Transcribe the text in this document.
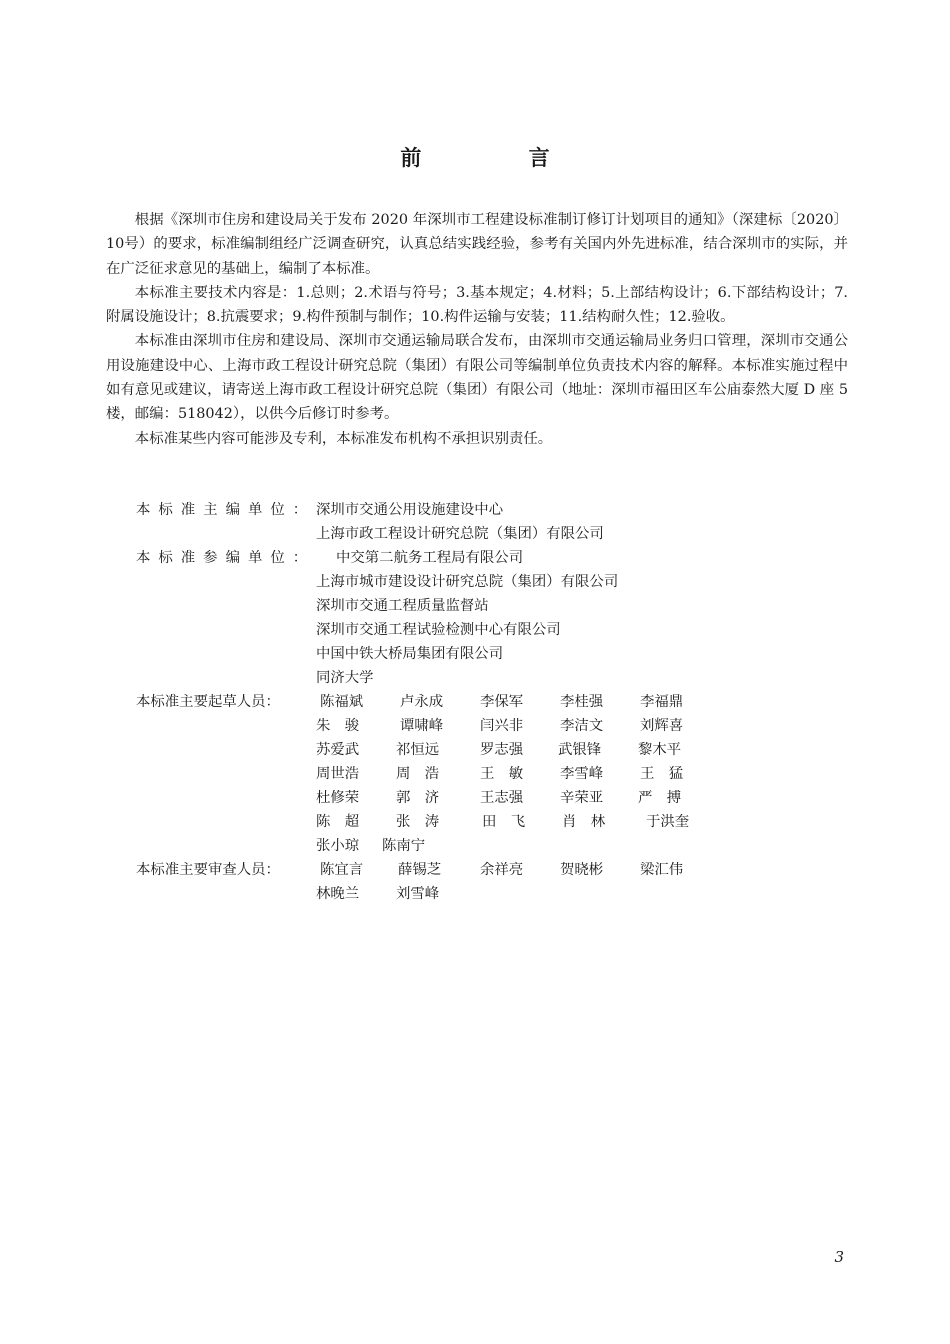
前 言

根据《深圳市住房和建设局关于发布 2020 年深圳市工程建设标准制订修订计划项目的通知》（深建标〔2020〕10号）的要求，标准编制组经广泛调查研究，认真总结实践经验，参考有关国内外先进标准，结合深圳市的实际，并在广泛征求意见的基础上，编制了本标准。

本标准主要技术内容是：1.总则；2.术语与符号；3.基本规定；4.材料；5.上部结构设计；6.下部结构设计；7.附属设施设计；8.抗震要求；9.构件预制与制作；10.构件运输与安装；11.结构耐久性；12.验收。

本标准由深圳市住房和建设局、深圳市交通运输局联合发布，由深圳市交通运输局业务归口管理，深圳市交通公用设施建设中心、上海市政工程设计研究总院（集团）有限公司等编制单位负责技术内容的解释。本标准实施过程中如有意见或建议，请寄送上海市政工程设计研究总院（集团）有限公司（地址：深圳市福田区车公庙泰然大厦 D 座 5 楼，邮编：518042），以供今后修订时参考。

本标准某些内容可能涉及专利，本标准发布机构不承担识别责任。

本标准主编单位： 深圳市交通公用设施建设中心
上海市政工程设计研究总院（集团）有限公司
本标准参编单位： 中交第二航务工程局有限公司
上海市城市建设设计研究总院（集团）有限公司
深圳市交通工程质量监督站
深圳市交通工程试验检测中心有限公司
中国中铁大桥局集团有限公司
同济大学
本标准主要起草人员：	陈福斌	卢永成	李保军	李桂强	李福鼎
朱　骏	谭啸峰	闫兴非	李洁文	刘辉喜
苏爱武	祁恒远	罗志强 武银锋	黎木平
周世浩	周　浩	王　敏	李雪峰	王　猛
杜修荣	郭　济	王志强	辛荣亚 严　搏
陈　超	张　涛	田　飞	肖　林	于洪奎
张小琼 陈南宁
本标准主要审查人员：	陈宜言 薛锡芝	余祥亮	贺晓彬	梁汇伟
林晚兰	刘雪峰
3
